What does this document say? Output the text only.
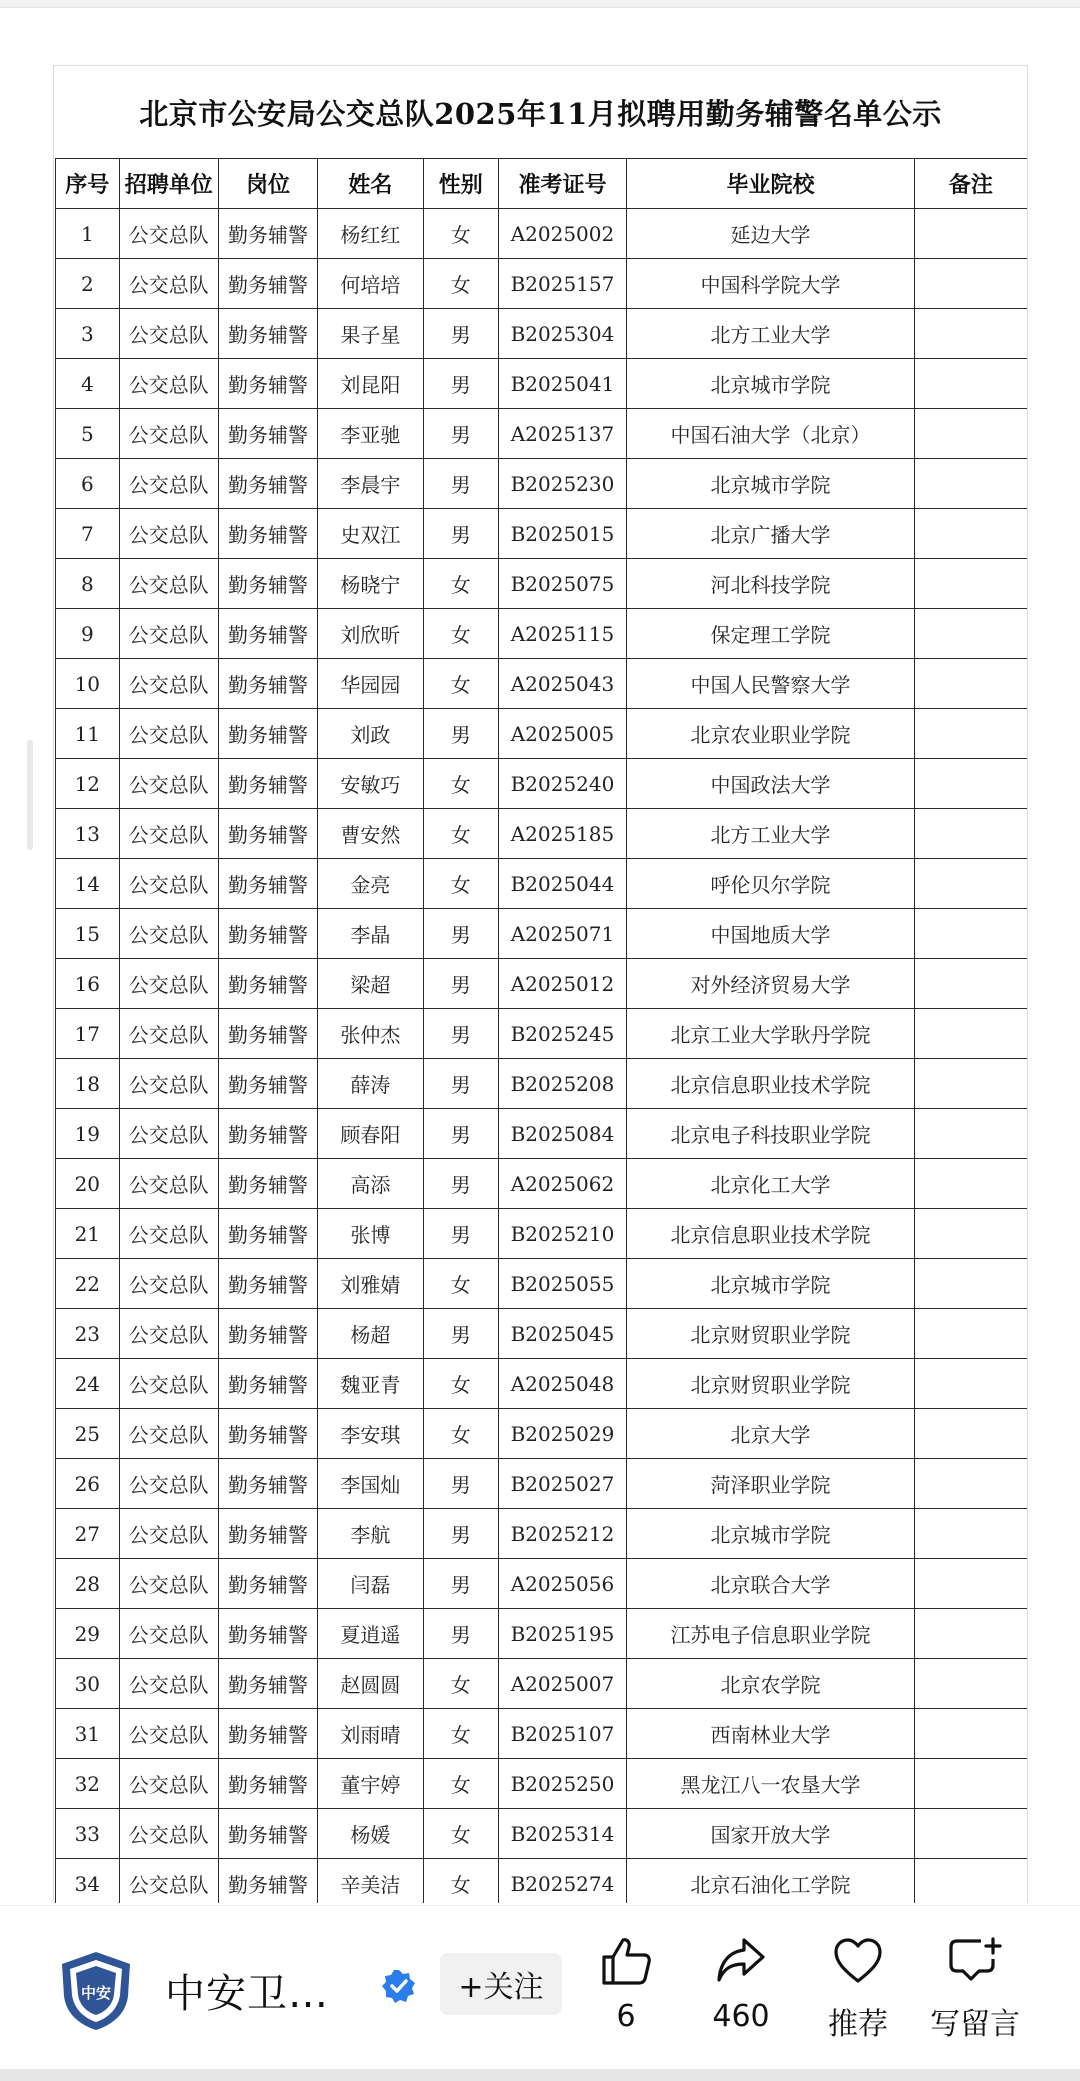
北京市公安局公交总队2025年11月拟聘用勤务辅警名单公示
序号	招聘单位	岗位	姓名	性别	准考证号	毕业院校	备注
1	公交总队	勤务辅警	杨红红	女	A2025002	延边大学	
2	公交总队	勤务辅警	何培培	女	B2025157	中国科学院大学	
3	公交总队	勤务辅警	果子星	男	B2025304	北方工业大学	
4	公交总队	勤务辅警	刘昆阳	男	B2025041	北京城市学院	
5	公交总队	勤务辅警	李亚驰	男	A2025137	中国石油大学（北京）	
6	公交总队	勤务辅警	李晨宇	男	B2025230	北京城市学院	
7	公交总队	勤务辅警	史双江	男	B2025015	北京广播大学	
8	公交总队	勤务辅警	杨晓宁	女	B2025075	河北科技学院	
9	公交总队	勤务辅警	刘欣昕	女	A2025115	保定理工学院	
10	公交总队	勤务辅警	华园园	女	A2025043	中国人民警察大学	
11	公交总队	勤务辅警	刘政	男	A2025005	北京农业职业学院	
12	公交总队	勤务辅警	安敏巧	女	B2025240	中国政法大学	
13	公交总队	勤务辅警	曹安然	女	A2025185	北方工业大学	
14	公交总队	勤务辅警	金亮	女	B2025044	呼伦贝尔学院	
15	公交总队	勤务辅警	李晶	男	A2025071	中国地质大学	
16	公交总队	勤务辅警	梁超	男	A2025012	对外经济贸易大学	
17	公交总队	勤务辅警	张仲杰	男	B2025245	北京工业大学耿丹学院	
18	公交总队	勤务辅警	薛涛	男	B2025208	北京信息职业技术学院	
19	公交总队	勤务辅警	顾春阳	男	B2025084	北京电子科技职业学院	
20	公交总队	勤务辅警	高添	男	A2025062	北京化工大学	
21	公交总队	勤务辅警	张博	男	B2025210	北京信息职业技术学院	
22	公交总队	勤务辅警	刘雅婧	女	B2025055	北京城市学院	
23	公交总队	勤务辅警	杨超	男	B2025045	北京财贸职业学院	
24	公交总队	勤务辅警	魏亚青	女	A2025048	北京财贸职业学院	
25	公交总队	勤务辅警	李安琪	女	B2025029	北京大学	
26	公交总队	勤务辅警	李国灿	男	B2025027	菏泽职业学院	
27	公交总队	勤务辅警	李航	男	B2025212	北京城市学院	
28	公交总队	勤务辅警	闫磊	男	A2025056	北京联合大学	
29	公交总队	勤务辅警	夏逍遥	男	B2025195	江苏电子信息职业学院	
30	公交总队	勤务辅警	赵圆圆	女	A2025007	北京农学院	
31	公交总队	勤务辅警	刘雨晴	女	B2025107	西南林业大学	
32	公交总队	勤务辅警	董宇婷	女	B2025250	黑龙江八一农垦大学	
33	公交总队	勤务辅警	杨媛	女	B2025314	国家开放大学	
34	公交总队	勤务辅警	辛美洁	女	B2025274	北京石油化工学院	
中安 中安卫…	+关注
6	460	推荐	写留言
